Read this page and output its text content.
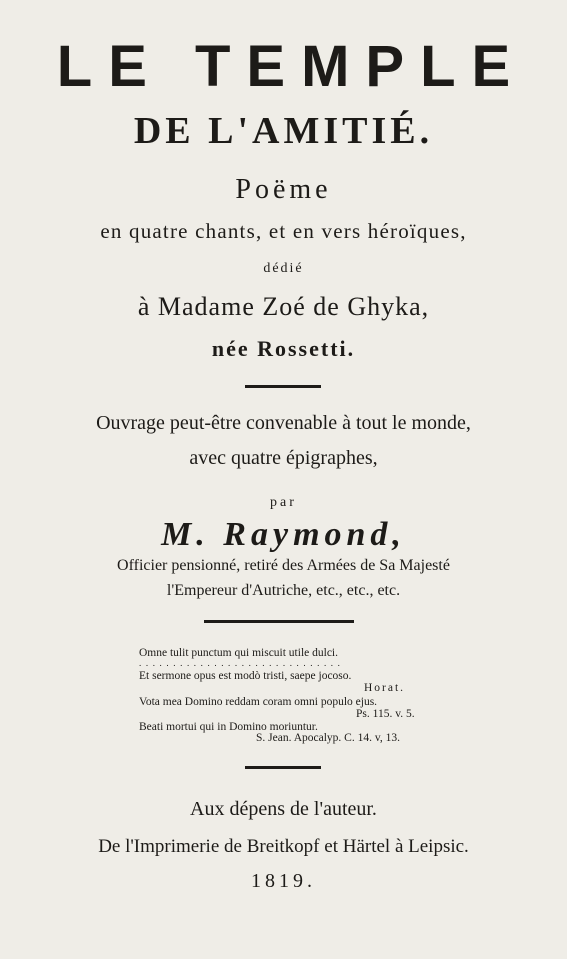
LE TEMPLE
DE L'AMITIÉ.
Poëme
en quatre chants, et en vers héroïques,
dédié
à Madame Zoé de Ghyka,
née Rossetti.
Ouvrage peut-être convenable à tout le monde,
avec quatre épigraphes,
par
M. Raymond,
Officier pensionné, retiré des Armées de Sa Majesté
l'Empereur d'Autriche, etc., etc., etc.
Omne tulit punctum qui miscuit utile dulci.
..............................
Et sermone opus est modò tristi, saepe jocoso.
Horat.
Vota mea Domino reddam coram omni populo ejus.
Ps. 115. v. 5.
Beati mortui qui in Domino moriuntur.
S. Jean. Apocalyp. C. 14. v, 13.
Aux dépens de l'auteur.
De l'Imprimerie de Breitkopf et Härtel à Leipsic.
1819.
